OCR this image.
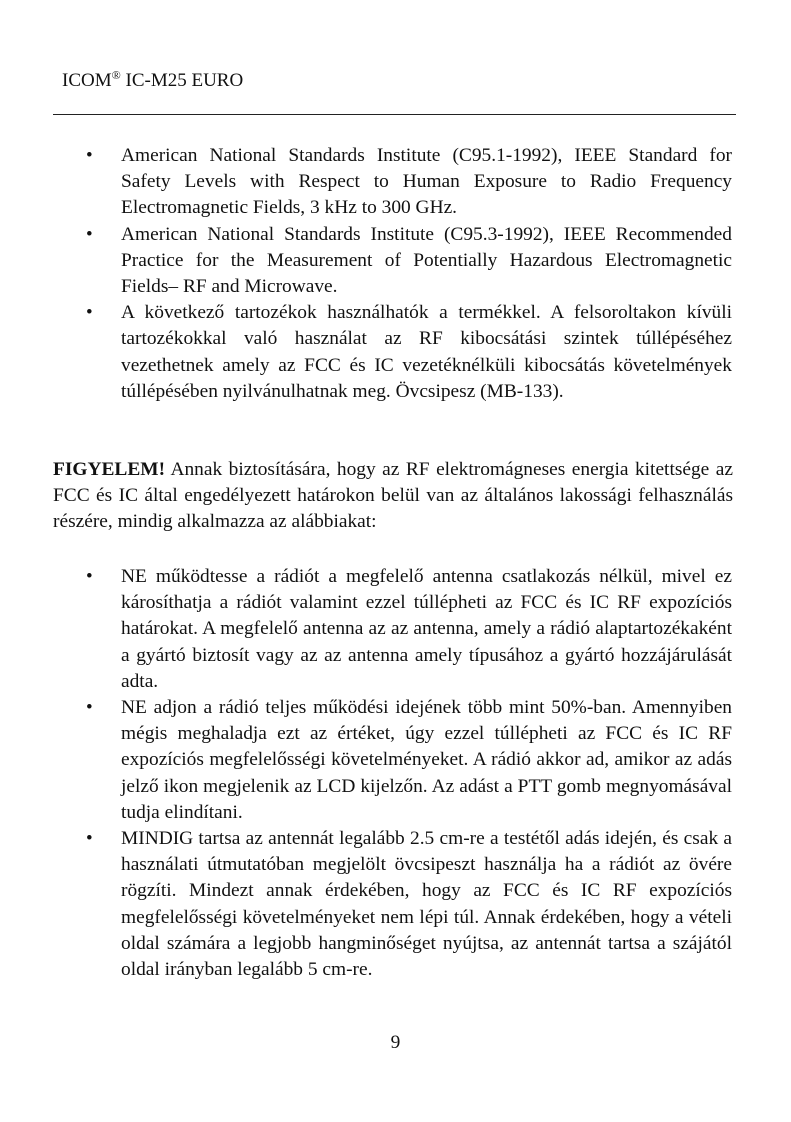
ICOM® IC-M25 EURO
• American National Standards Institute (C95.1-1992), IEEE Standard for Safety Levels with Respect to Human Exposure to Radio Frequency Electromagnetic Fields, 3 kHz to 300 GHz.
• American National Standards Institute (C95.3-1992), IEEE Recommended Practice for the Measurement of Potentially Hazardous Electromagnetic Fields– RF and Microwave.
• A következő tartozékok használhatók a termékkel. A felsoroltakon kívüli tartozékokkal való használat az RF kibocsátási szintek túllépéséhez vezethetnek amely az FCC és IC vezetéknélküli kibocsátás követelmények túllépésében nyilvánulhatnak meg. Övcsipesz (MB-133).

FIGYELEM! Annak biztosítására, hogy az RF elektromágneses energia kitettsége az FCC és IC által engedélyezett határokon belül van az általános lakossági felhasználás részére, mindig alkalmazza az alábbiakat:

• NE működtesse a rádiót a megfelelő antenna csatlakozás nélkül, mivel ez károsíthatja a rádiót valamint ezzel túllépheti az FCC és IC RF expozíciós határokat. A megfelelő antenna az az antenna, amely a rádió alaptartozékaként a gyártó biztosít vagy az az antenna amely típusához a gyártó hozzájárulását adta.
• NE adjon a rádió teljes működési idejének több mint 50%-ban. Amennyiben mégis meghaladja ezt az értéket, úgy ezzel túllépheti az FCC és IC RF expozíciós megfelelősségi követelményeket. A rádió akkor ad, amikor az adás jelző ikon megjelenik az LCD kijelzőn. Az adást a PTT gomb megnyomásával tudja elindítani.
• MINDIG tartsa az antennát legalább 2.5 cm-re a testétől adás idején, és csak a használati útmutatóban megjelölt övcsipeszt használja ha a rádiót az övére rögzíti. Mindezt annak érdekében, hogy az FCC és IC RF expozíciós megfelelősségi követelményeket nem lépi túl. Annak érdekében, hogy a vételi oldal számára a legjobb hangminőséget nyújtsa, az antennát tartsa a szájától oldal irányban legalább 5 cm-re.
9
